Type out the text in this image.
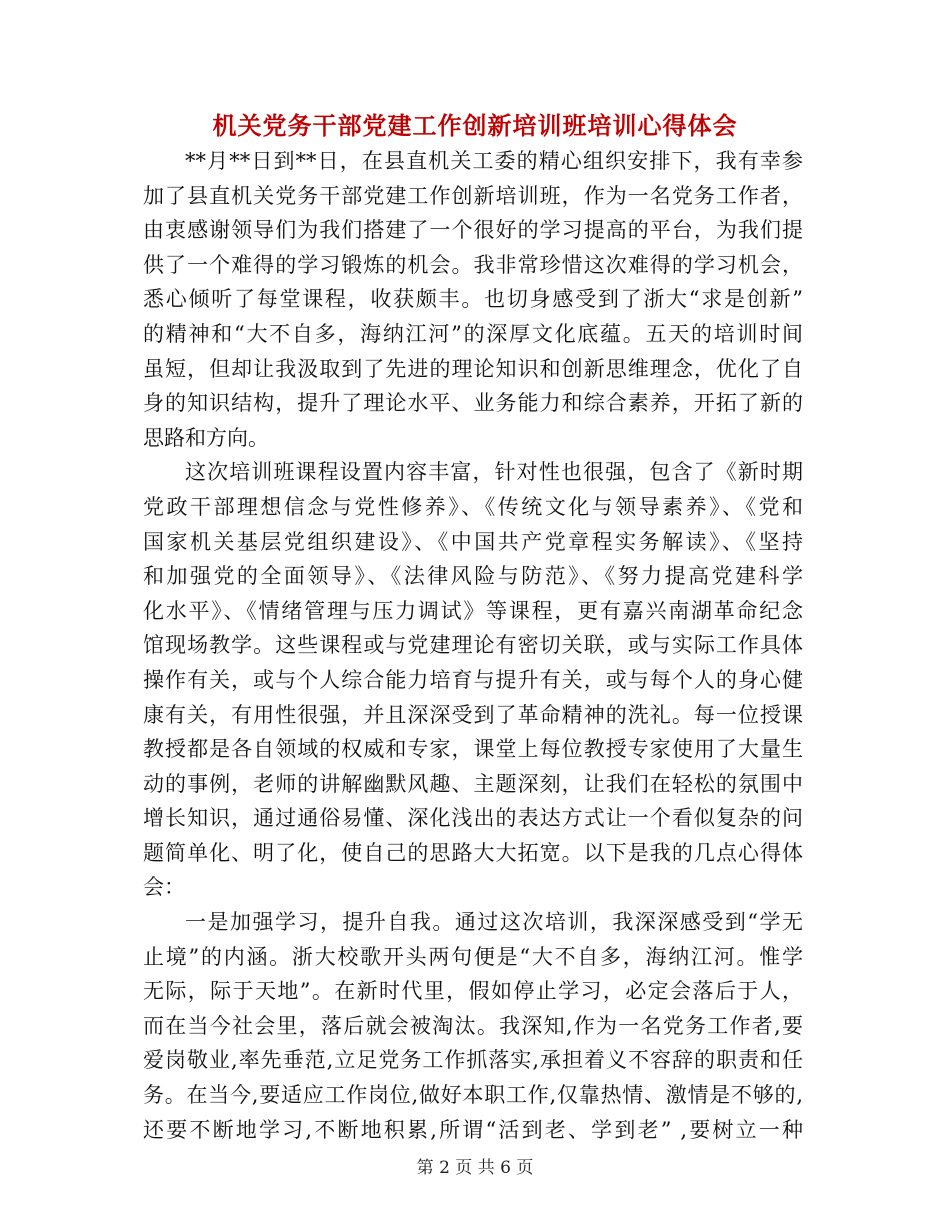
机关党务干部党建工作创新培训班培训心得体会
**月**日到**日，在县直机关工委的精心组织安排下，我有幸参
加了县直机关党务干部党建工作创新培训班，作为一名党务工作者，
由衷感谢领导们为我们搭建了一个很好的学习提高的平台，为我们提
供了一个难得的学习锻炼的机会。我非常珍惜这次难得的学习机会，
悉心倾听了每堂课程，收获颇丰。也切身感受到了浙大“求是创新”
的精神和“大不自多，海纳江河”的深厚文化底蕴。五天的培训时间
虽短，但却让我汲取到了先进的理论知识和创新思维理念，优化了自
身的知识结构，提升了理论水平、业务能力和综合素养，开拓了新的
思路和方向。
这次培训班课程设置内容丰富，针对性也很强，包含了《新时期
党政干部理想信念与党性修养》、《传统文化与领导素养》、《党和
国家机关基层党组织建设》、《中国共产党章程实务解读》、《坚持
和加强党的全面领导》、《法律风险与防范》、《努力提高党建科学
化水平》、《情绪管理与压力调试》等课程，更有嘉兴南湖革命纪念
馆现场教学。这些课程或与党建理论有密切关联，或与实际工作具体
操作有关，或与个人综合能力培育与提升有关，或与每个人的身心健
康有关，有用性很强，并且深深受到了革命精神的洗礼。每一位授课
教授都是各自领域的权威和专家，课堂上每位教授专家使用了大量生
动的事例，老师的讲解幽默风趣、主题深刻，让我们在轻松的氛围中
增长知识，通过通俗易懂、深化浅出的表达方式让一个看似复杂的问
题简单化、明了化，使自己的思路大大拓宽。以下是我的几点心得体
会：
一是加强学习，提升自我。通过这次培训，我深深感受到“学无
止境”的内涵。浙大校歌开头两句便是“大不自多，海纳江河。惟学
无际，际于天地”。在新时代里，假如停止学习，必定会落后于人，
而在当今社会里，落后就会被淘汰。我深知,作为一名党务工作者,要
爱岗敬业,率先垂范,立足党务工作抓落实,承担着义不容辞的职责和任
务。在当今,要适应工作岗位,做好本职工作,仅靠热情、激情是不够的,
还要不断地学习,不断地积累,所谓“活到老、学到老” ,要树立一种
第 2 页 共 6 页
